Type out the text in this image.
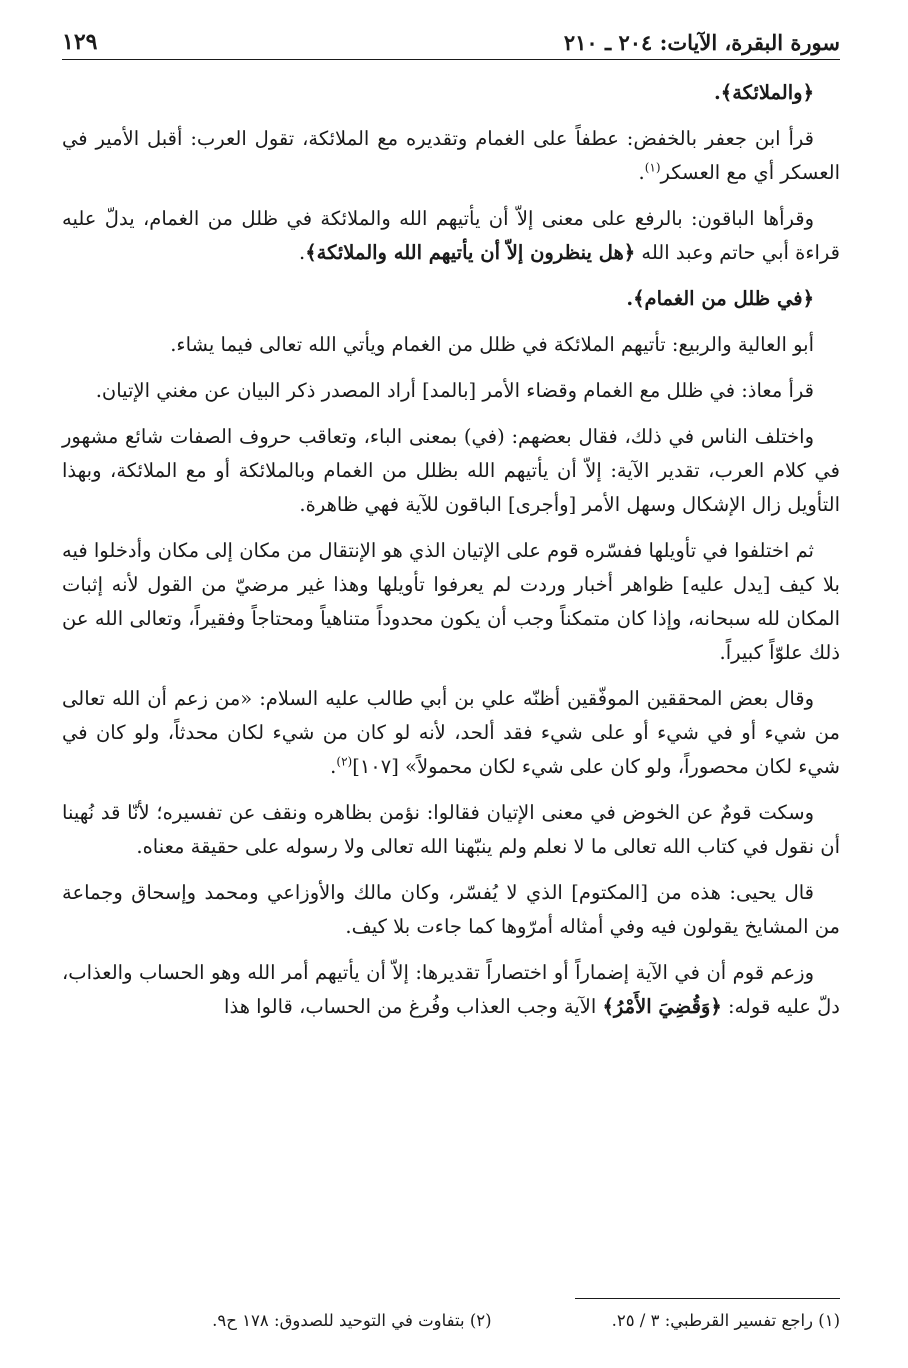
سورة البقرة، الآيات: ٢٠٤ ـ ٢١٠
١٢٩

﴿والملائكة﴾.

قرأ ابن جعفر بالخفض: عطفاً على الغمام وتقديره مع الملائكة، تقول العرب: أقبل الأمير في العسكر أي مع العسكر$^{(١)}$.

وقرأها الباقون: بالرفع على معنى إلاّ أن يأتيهم الله والملائكة في ظلل من الغمام، يدلّ عليه قراءة أبي حاتم وعبد الله ﴿هل ينظرون إلاّ أن يأتيهم الله والملائكة﴾.

﴿في ظلل من الغمام﴾.

أبو العالية والربيع: تأتيهم الملائكة في ظلل من الغمام ويأتي الله تعالى فيما يشاء.

قرأ معاذ: في ظلل مع الغمام وقضاء الأمر [بالمد] أراد المصدر ذكر البيان عن مغني الإتيان.

واختلف الناس في ذلك، فقال بعضهم: (في) بمعنى الباء، وتعاقب حروف الصفات شائع مشهور في كلام العرب، تقدير الآية: إلاّ أن يأتيهم الله بظلل من الغمام وبالملائكة أو مع الملائكة، وبهذا التأويل زال الإشكال وسهل الأمر [وأجرى] الباقون للآية فهي ظاهرة.

ثم اختلفوا في تأويلها ففسّره قوم على الإتيان الذي هو الإنتقال من مكان إلى مكان وأدخلوا فيه بلا كيف [يدل عليه] ظواهر أخبار وردت لم يعرفوا تأويلها وهذا غير مرضيّ من القول لأنه إثبات المكان لله سبحانه، وإذا كان متمكناً وجب أن يكون محدوداً متناهياً ومحتاجاً وفقيراً، وتعالى الله عن ذلك علوّاً كبيراً.

وقال بعض المحققين الموفّقين أظنّه علي بن أبي طالب عليه السلام: «من زعم أن الله تعالى من شيء أو في شيء أو على شيء فقد ألحد، لأنه لو كان من شيء لكان محدثاً، ولو كان في شيء لكان محصوراً، ولو كان على شيء لكان محمولاً» [١٠٧]$^{(٢)}$.

وسكت قومٌ عن الخوض في معنى الإتيان فقالوا: نؤمن بظاهره ونقف عن تفسيره؛ لأنّا قد نُهينا أن نقول في كتاب الله تعالى ما لا نعلم ولم ينبّهنا الله تعالى ولا رسوله على حقيقة معناه.

قال يحيى: هذه من [المكتوم] الذي لا يُفسّر، وكان مالك والأوزاعي ومحمد وإسحاق وجماعة من المشايخ يقولون فيه وفي أمثاله أمرّوها كما جاءت بلا كيف.

وزعم قوم أن في الآية إضماراً أو اختصاراً تقديرها: إلاّ أن يأتيهم أمر الله وهو الحساب والعذاب، دلّ عليه قوله: ﴿وَقُضِيَ الأَمْرُ﴾ الآية وجب العذاب وفُرغ من الحساب، قالوا هذا

(١) راجع تفسير القرطبي: ٣ / ٢٥.
(٢) بتفاوت في التوحيد للصدوق: ١٧٨ ح٩.
